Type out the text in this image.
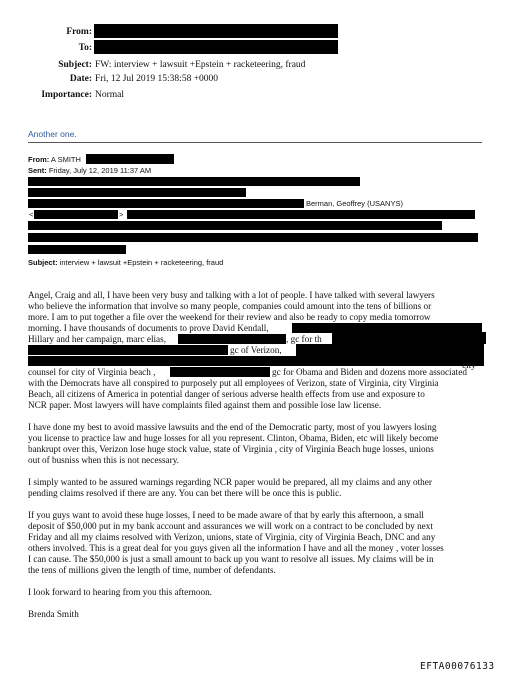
From:
To:
Subject: FW: interview + lawsuit +Epstein + racketeering, fraud
Date: Fri, 12 Jul 2019 15:38:58 +0000
Importance: Normal
Another one.
From: A SMITH
Sent: Friday, July 12, 2019 11:37 AM
Berman, Geoffrey (USANYS)
<	>
Subject: interview + lawsuit +Epstein + racketeering, fraud
Angel, Craig and all, I have been very busy and talking with a lot of people. I have talked with several lawyers
who believe the information that involve so many people, companies could amount into the tens of billions or
more. I am to put together a file over the weekend for their review and also be ready to copy media tomorrow
morning. I have thousands of documents to prove David Kendall,
Hillary and her campaign, marc elias,	, gc for th
gc of Verizon,
city
counsel for city of Virginia beach ,	gc for Obama and Biden and dozens more associated
with the Democrats have all conspired to purposely put all employees of Verizon, state of Virginia, city Virginia
Beach, all citizens of America in potential danger of serious adverse health effects from use and exposure to
NCR paper. Most lawyers will have complaints filed against them and possible lose law license.
I have done my best to avoid massive lawsuits and the end of the Democratic party, most of you lawyers losing
you license to practice law and huge losses for all you represent. Clinton, Obama, Biden, etc will likely become
bankrupt over this, Verizon lose huge stock value, state of Virginia , city of Virginia Beach huge losses, unions
out of busniss when this is not necessary.
I simply wanted to be assured warnings regarding NCR paper would be prepared, all my claims and any other
pending claims resolved if there are any. You can bet there will be once this is public.
If you guys want to avoid these huge losses, I need to be made aware of that by early this afternoon, a small
deposit of $50,000 put in my bank account and assurances we will work on a contract to be concluded by next
Friday and all my claims resolved with Verizon, unions, state of Virginia, city of Virginia Beach, DNC and any
others involved. This is a great deal for you guys given all the information I have and all the money , voter losses
I can cause. The $50,000 is just a small amount to back up you want to resolve all issues. My claims will be in
the tens of millions given the length of time, number of defendants.
I look forward to hearing from you this afternoon.
Brenda Smith
EFTA00076133
